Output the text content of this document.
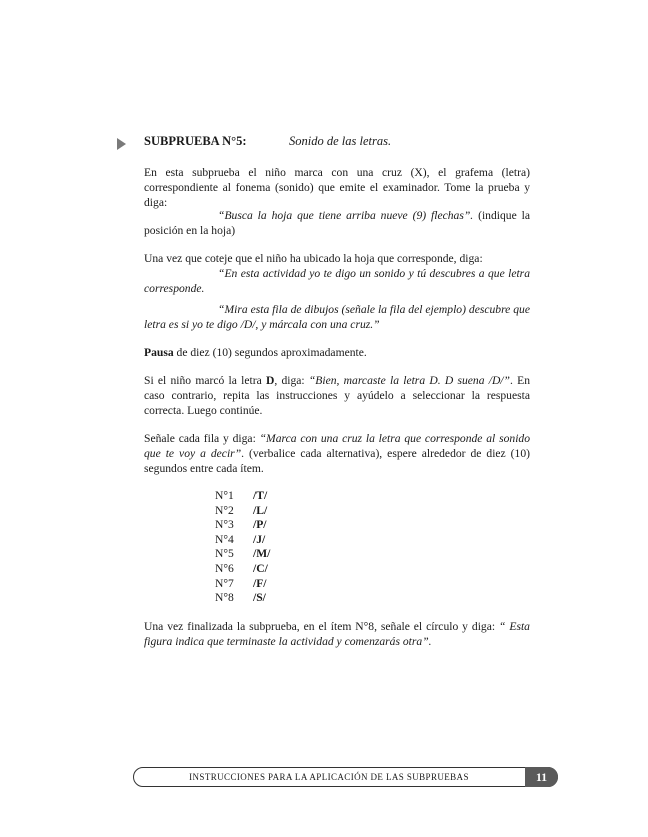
SUBPRUEBA N°5:	Sonido de las letras.
En esta subprueba el niño marca con una cruz (X), el grafema (letra) correspondiente al fonema (sonido) que emite el examinador. Tome la prueba y diga:
“Busca la hoja que tiene arriba nueve (9) flechas”. (indique la posición en la hoja)
Una vez que coteje que el niño ha ubicado la hoja que corresponde, diga:
“En esta actividad yo te digo un sonido y tú descubres a que letra corresponde.
“Mira esta fila de dibujos (señale la fila del ejemplo) descubre que letra es si yo te digo /D/, y márcala con una cruz.”
Pausa de diez (10) segundos aproximadamente.
Si el niño marcó la letra D, diga: “Bien, marcaste la letra D. D suena /D/”. En caso contrario, repita las instrucciones y ayúdelo a seleccionar la respuesta correcta. Luego continúe.
Señale cada fila y diga: “Marca con una cruz la letra que corresponde al sonido que te voy a decir”. (verbalice cada alternativa), espere alrededor de diez (10) segundos entre cada ítem.
N°1	/T/
N°2	/L/
N°3	/P/
N°4	/J/
N°5	/M/
N°6	/C/
N°7	/F/
N°8	/S/
Una vez finalizada la subprueba, en el ítem N°8, señale el círculo y diga: “ Esta figura indica que terminaste la actividad y comenzarás otra”.
INSTRUCCIONES PARA LA APLICACIÓN DE LAS SUBPRUEBAS	11
